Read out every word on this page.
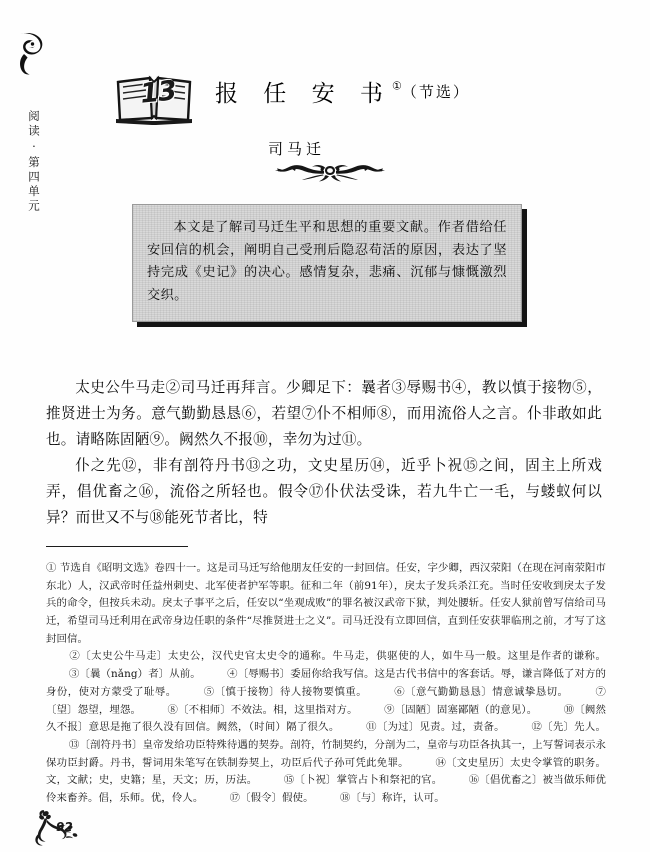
阅读·第四单元
13	报 任 安 书①（节选）
司马迁
本文是了解司马迁生平和思想的重要文献。作者借给任安回信的机会，阐明自己受刑后隐忍苟活的原因，表达了坚持完成《史记》的决心。感情复杂，悲痛、沉郁与慷慨激烈交织。

太史公牛马走②司马迁再拜言。少卿足下：曩者③辱赐书④，教以慎于接物⑤，推贤进士为务。意气勤勤恳恳⑥，若望⑦仆不相师⑧，而用流俗人之言。仆非敢如此也。请略陈固陋⑨。阙然久不报⑩，幸勿为过⑪。

仆之先⑫，非有剖符丹书⑬之功，文史星历⑭，近乎卜祝⑮之间，固主上所戏弄，倡优畜之⑯，流俗之所轻也。假令⑰仆伏法受诛，若九牛亡一毛，与蝼蚁何以异？而世又不与⑱能死节者比，特

① 节选自《昭明文选》卷四十一。这是司马迁写给他朋友任安的一封回信。任安，字少卿，西汉荥阳（在现在河南荥阳市东北）人，汉武帝时任益州刺史、北军使者护军等职。征和二年（前91年），戾太子发兵杀江充。当时任安收到戾太子发兵的命令，但按兵未动。戾太子事平之后，任安以“坐观成败”的罪名被汉武帝下狱，判处腰斩。任安人狱前曾写信给司马迁，希望司马迁利用在武帝身边任职的条件“尽推贤进士之义”。司马迁没有立即回信，直到任安获罪临刑之前，才写了这封回信。

②〔太史公牛马走〕太史公，汉代史官太史令的通称。牛马走，供驱使的人，如牛马一般。这里是作者的谦称。 ③〔曩（nǎng）者〕从前。	④〔辱赐书〕委屈你给我写信。这是古代书信中的客套话。辱，谦言降低了对方的身份，使对方蒙受了耻辱。	⑤〔慎于接物〕待人接物要慎重。	⑥〔意气勤勤恳恳〕情意诚挚恳切。	⑦〔望〕怨望，埋怨。	⑧〔不相师〕不效法。相，这里指对方。	⑨〔固陋〕固塞鄙陋（的意见）。	⑩〔阙然久不报〕意思是拖了很久没有回信。阙然，（时间）隔了很久。	⑪〔为过〕见责。过，责备。	⑫〔先〕先人。 ⑬〔剖符丹书〕皇帝发给功臣特殊待遇的契券。剖符，竹制契约，分剖为二，皇帝与功臣各执其一，上写誓词表示永保功臣封爵。丹书，誓词用朱笔写在铁制券契上，功臣后代子孙可凭此免罪。	⑭〔文史星历〕太史令掌管的职务。文，文献；史，史籍；星，天文；历，历法。	⑮〔卜祝〕掌管占卜和祭祀的官。	⑯〔倡优畜之〕被当做乐师优伶来畜养。倡，乐师。优，伶人。	⑰〔假令〕假使。	⑱〔与〕称许，认可。
92
